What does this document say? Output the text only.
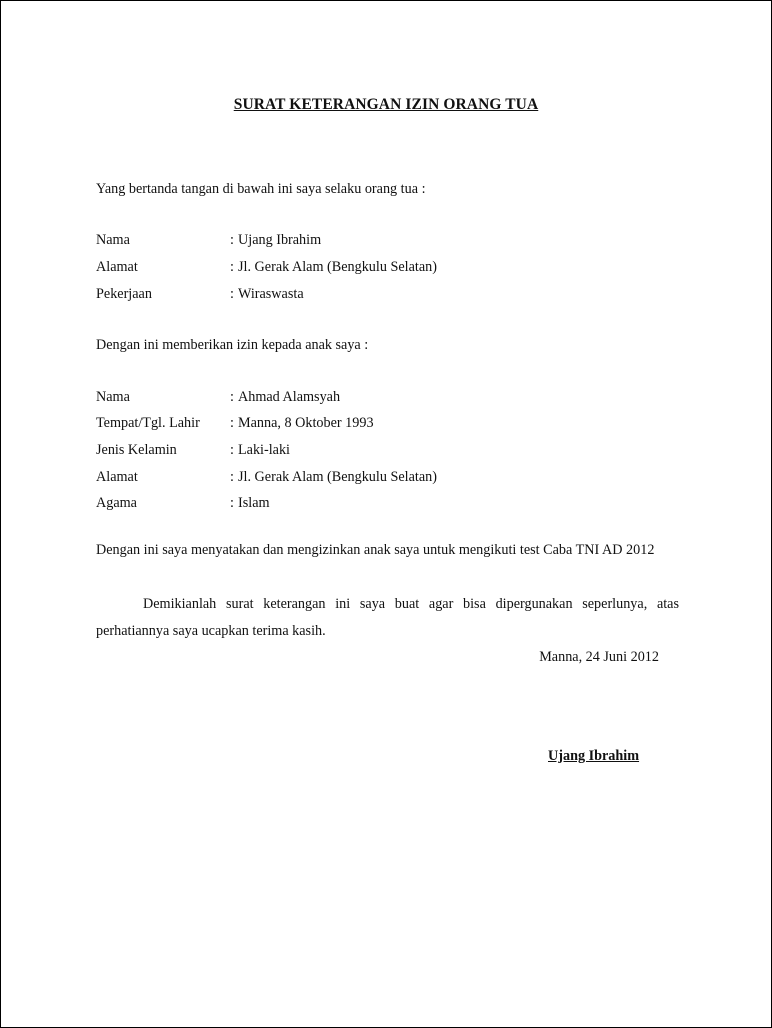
SURAT KETERANGAN IZIN ORANG TUA
Yang bertanda tangan di bawah ini saya selaku orang tua :
Nama	: Ujang Ibrahim
Alamat	: Jl. Gerak Alam (Bengkulu Selatan)
Pekerjaan	: Wiraswasta
Dengan ini memberikan izin kepada anak saya :
Nama	: Ahmad Alamsyah
Tempat/Tgl. Lahir : Manna, 8 Oktober 1993
Jenis Kelamin	: Laki-laki
Alamat	: Jl. Gerak Alam (Bengkulu Selatan)
Agama	: Islam
Dengan ini saya menyatakan dan mengizinkan anak saya untuk mengikuti test Caba TNI AD 2012
Demikianlah surat keterangan ini saya buat agar bisa dipergunakan seperlunya, atas perhatiannya saya ucapkan terima kasih.
Manna, 24 Juni 2012
Ujang Ibrahim
